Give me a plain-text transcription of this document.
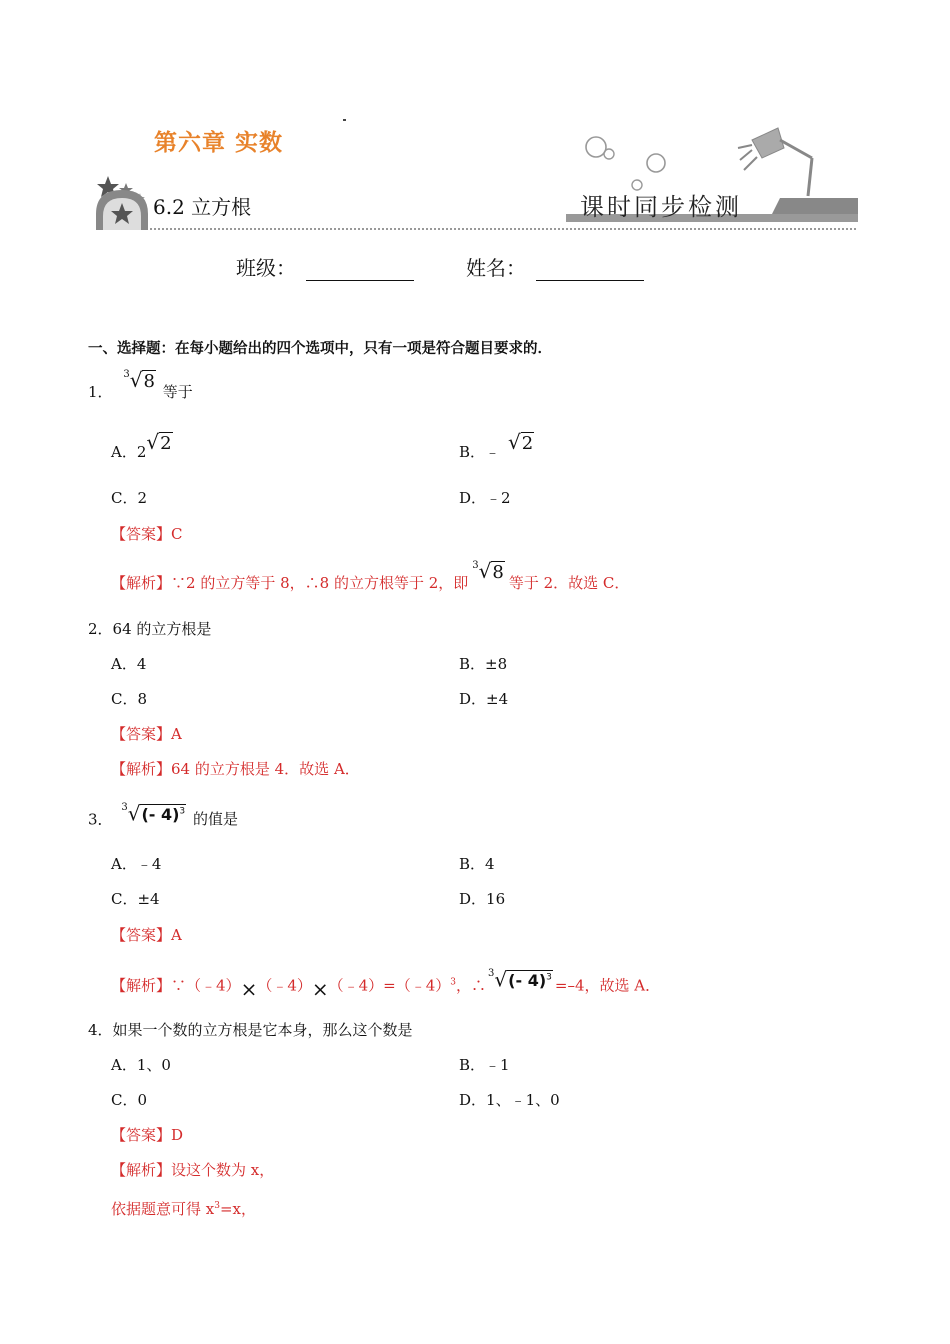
第六章 实数
6.2 立方根	课时同步检测
班级：	姓名：
一、选择题：在每小题给出的四个选项中，只有一项是符合题目要求的．
1． $^3$√8 等于
A．2√2	B．﹣ √2
C．2	D．﹣2
【答案】C
【解析】∵2 的立方等于 8，∴8 的立方根等于 2，即$^3$√8 等于 2．故选 C．
2．64 的立方根是
A．4	B．±8
C．8	D．±4
【答案】A
【解析】64 的立方根是 4．故选 A．
3． $^3$√(- 4)$^3$ 的值是
A．﹣4	B．4
C．±4	D．16
【答案】A
【解析】∵（﹣4）×（﹣4）×（﹣4）=（﹣4）$^3$，∴$^3$√(- 4)$^3$ =–4，故选 A．
4．如果一个数的立方根是它本身，那么这个数是
A．1、0	B．﹣1
C．0	D．1、﹣1、0
【答案】D
【解析】设这个数为 x，
依据题意可得 $x^3=x$，
